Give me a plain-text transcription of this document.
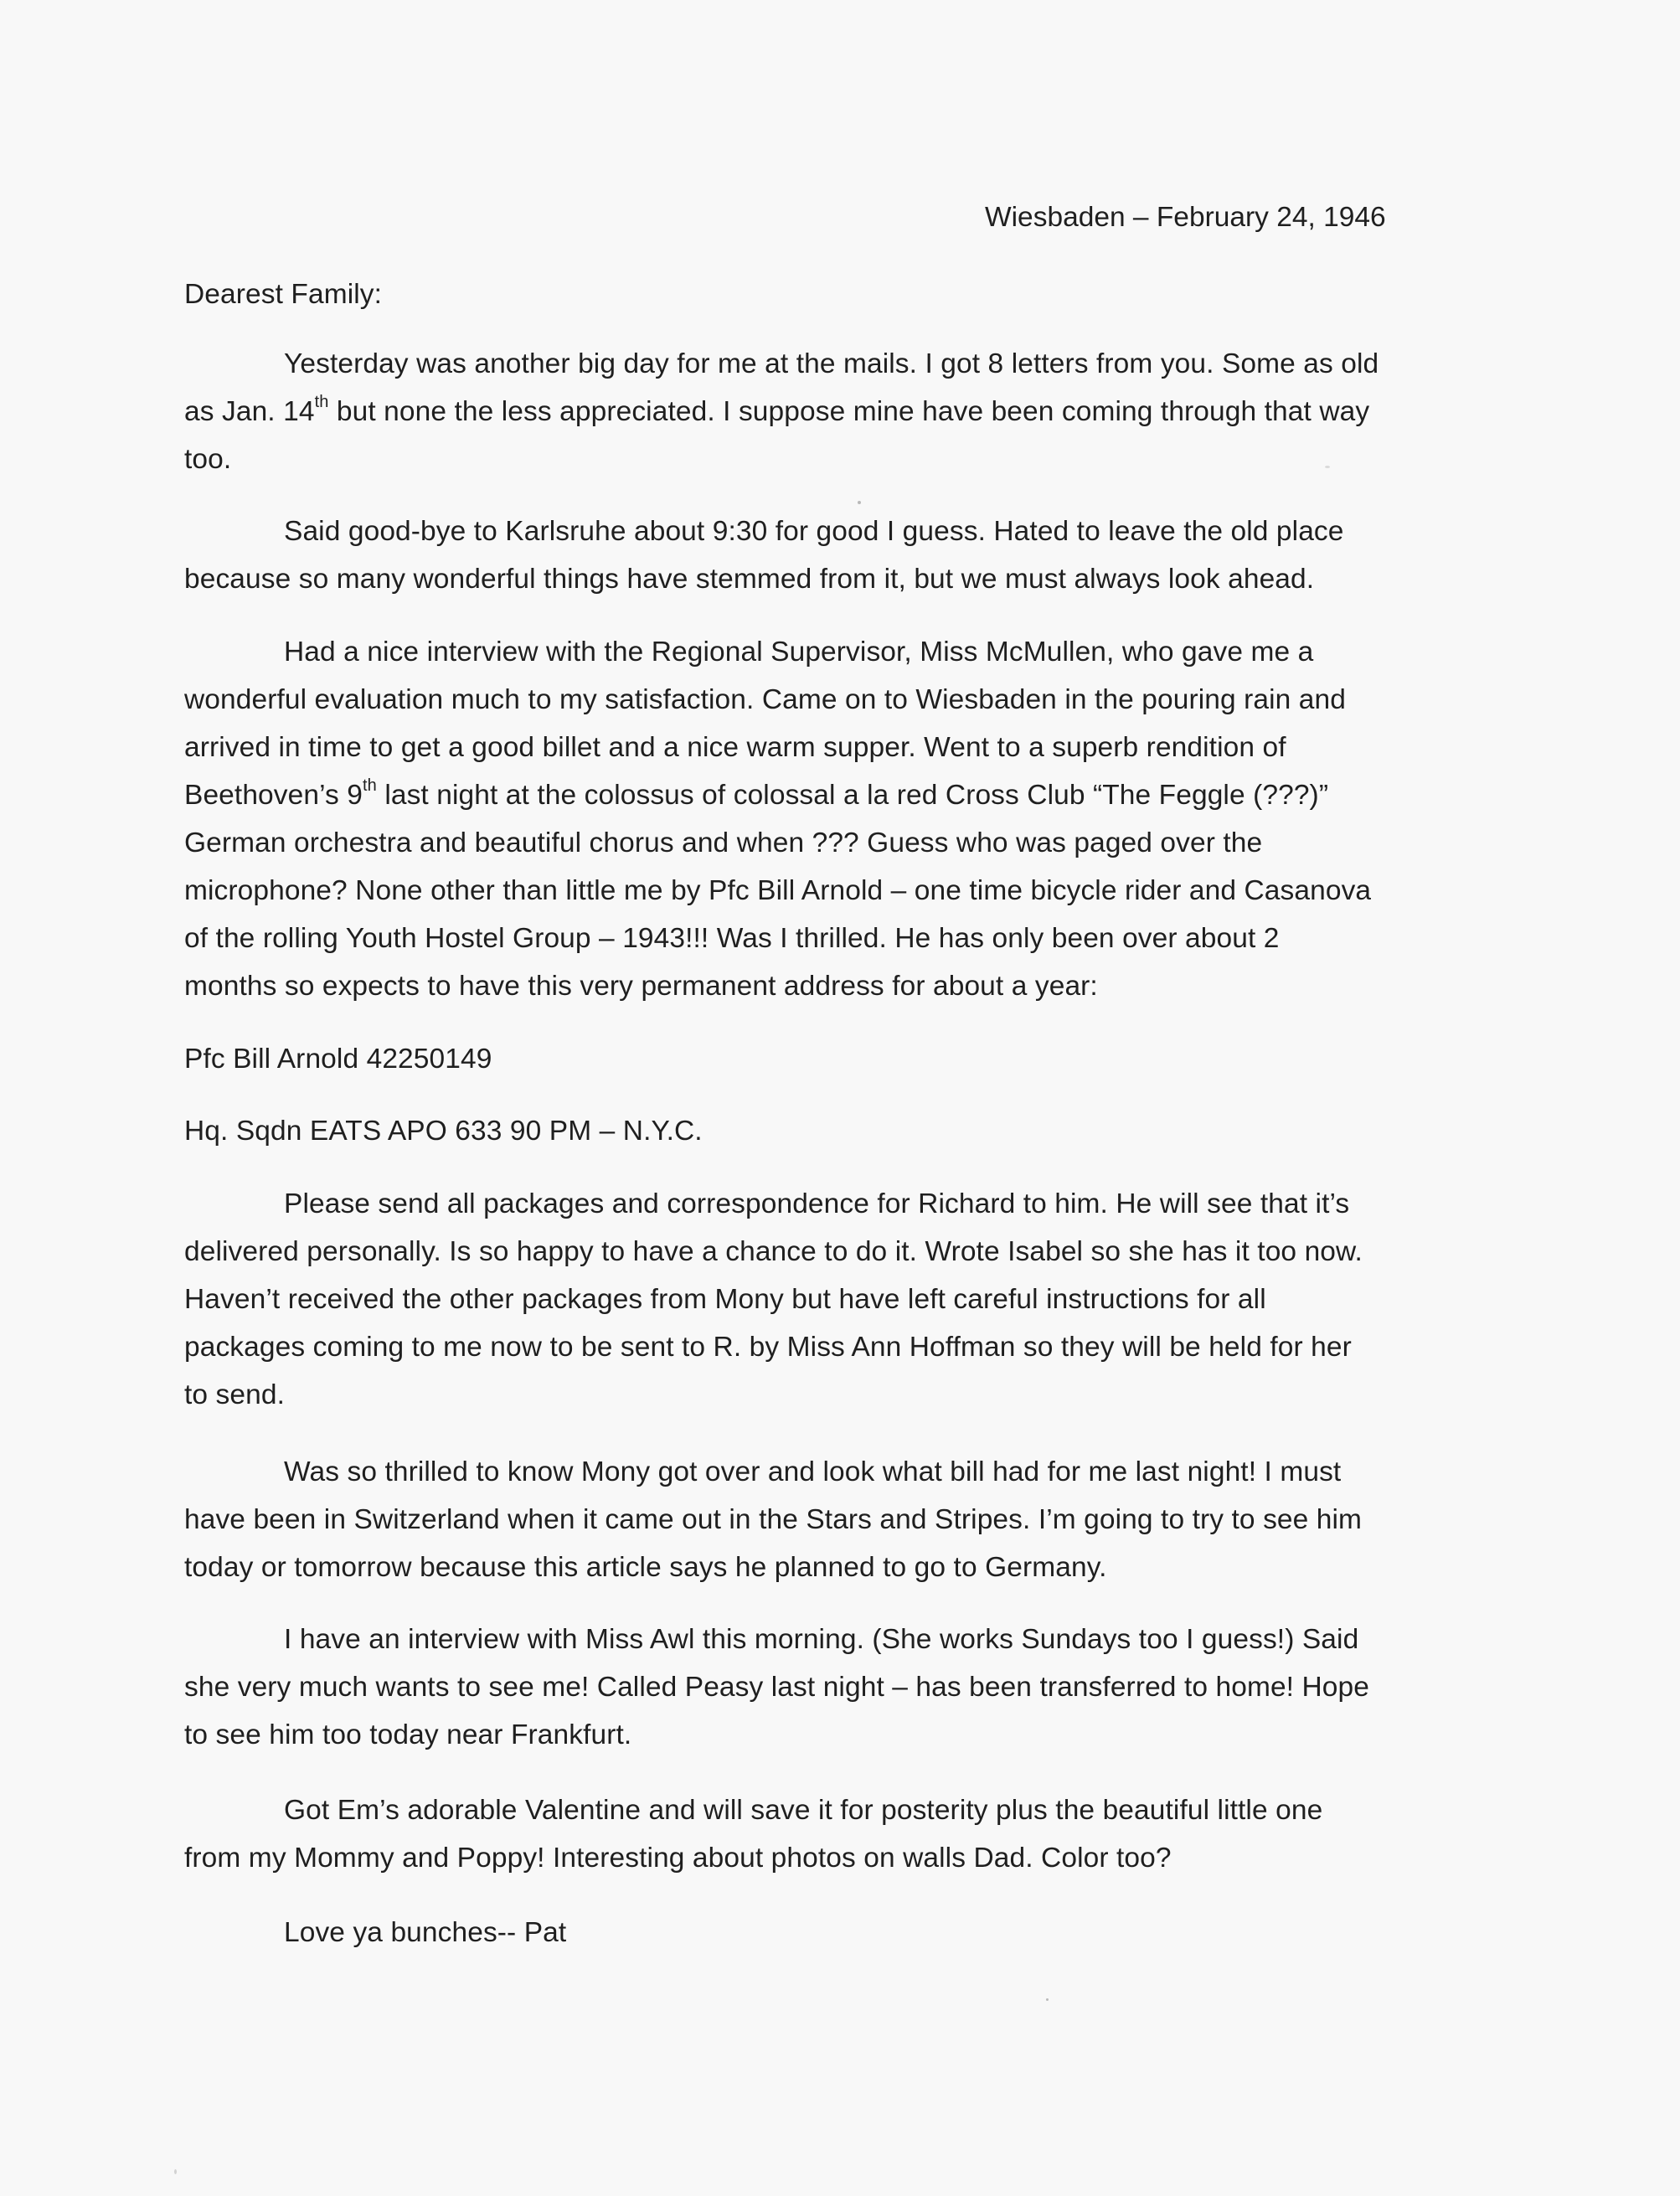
Wiesbaden – February 24, 1946
Dearest Family:
Yesterday was another big day for me at the mails. I got 8 letters from you. Some as old
as Jan. 14th but none the less appreciated. I suppose mine have been coming through that way
too.
Said good-bye to Karlsruhe about 9:30 for good I guess. Hated to leave the old place
because so many wonderful things have stemmed from it, but we must always look ahead.
Had a nice interview with the Regional Supervisor, Miss McMullen, who gave me a
wonderful evaluation much to my satisfaction. Came on to Wiesbaden in the pouring rain and
arrived in time to get a good billet and a nice warm supper. Went to a superb rendition of
Beethoven’s 9th last night at the colossus of colossal a la red Cross Club “The Feggle (???)”
German orchestra and beautiful chorus and when ??? Guess who was paged over the
microphone? None other than little me by Pfc Bill Arnold – one time bicycle rider and Casanova
of the rolling Youth Hostel Group – 1943!!! Was I thrilled. He has only been over about 2
months so expects to have this very permanent address for about a year:
Pfc Bill Arnold 42250149
Hq. Sqdn EATS APO 633 90 PM – N.Y.C.
Please send all packages and correspondence for Richard to him. He will see that it’s
delivered personally. Is so happy to have a chance to do it. Wrote Isabel so she has it too now.
Haven’t received the other packages from Mony but have left careful instructions for all
packages coming to me now to be sent to R. by Miss Ann Hoffman so they will be held for her
to send.
Was so thrilled to know Mony got over and look what bill had for me last night! I must
have been in Switzerland when it came out in the Stars and Stripes. I’m going to try to see him
today or tomorrow because this article says he planned to go to Germany.
I have an interview with Miss Awl this morning. (She works Sundays too I guess!) Said
she very much wants to see me! Called Peasy last night – has been transferred to home! Hope
to see him too today near Frankfurt.
Got Em’s adorable Valentine and will save it for posterity plus the beautiful little one
from my Mommy and Poppy! Interesting about photos on walls Dad. Color too?
Love ya bunches-- Pat
